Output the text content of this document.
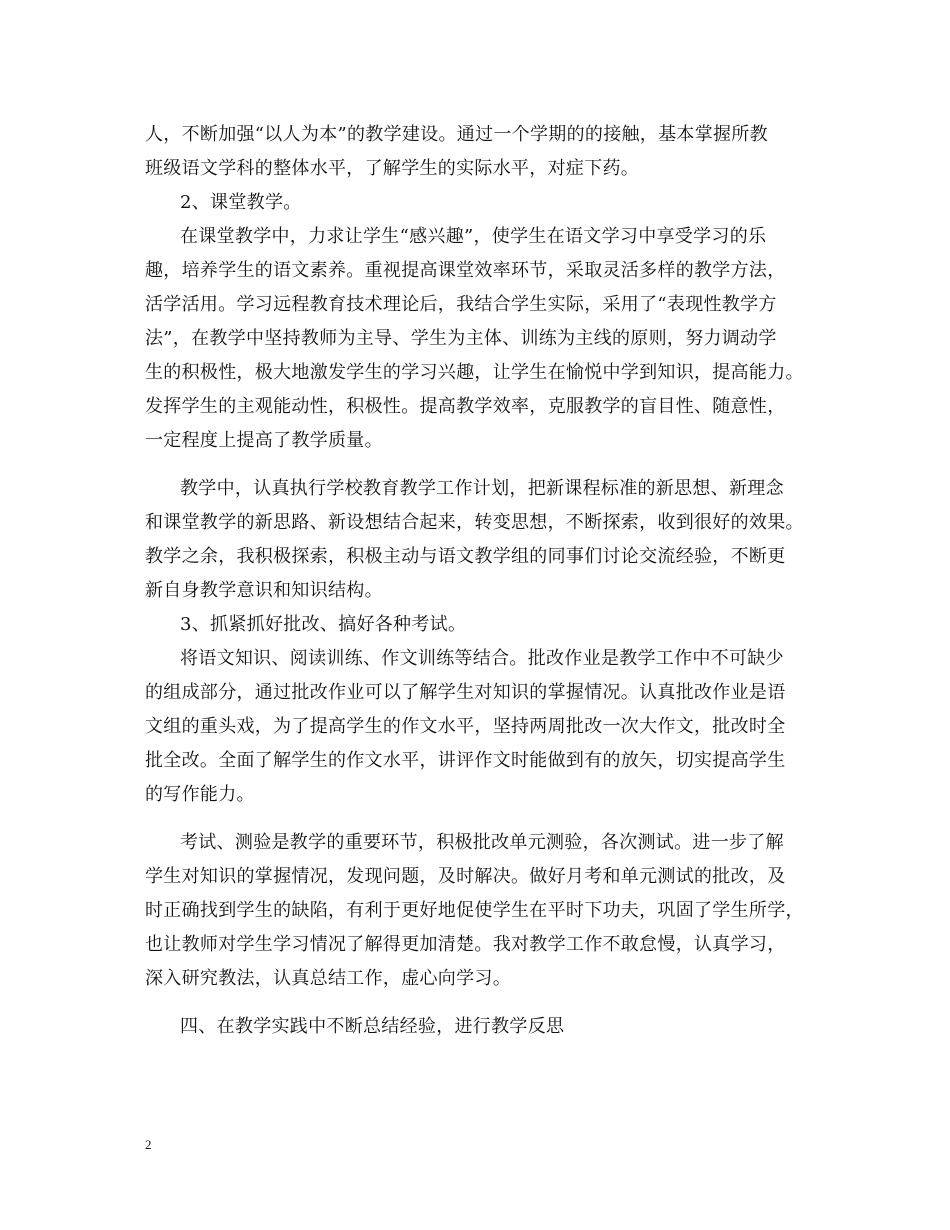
人，不断加强“以人为本”的教学建设。通过一个学期的的接触，基本掌握所教
班级语文学科的整体水平，了解学生的实际水平，对症下药。
2、课堂教学。
在课堂教学中，力求让学生“感兴趣”，使学生在语文学习中享受学习的乐
趣，培养学生的语文素养。重视提高课堂效率环节，采取灵活多样的教学方法，
活学活用。学习远程教育技术理论后，我结合学生实际，采用了“表现性教学方
法”，在教学中坚持教师为主导、学生为主体、训练为主线的原则，努力调动学
生的积极性，极大地激发学生的学习兴趣，让学生在愉悦中学到知识，提高能力。
发挥学生的主观能动性，积极性。提高教学效率，克服教学的盲目性、随意性，
一定程度上提高了教学质量。
教学中，认真执行学校教育教学工作计划，把新课程标准的新思想、新理念
和课堂教学的新思路、新设想结合起来，转变思想，不断探索，收到很好的效果。
教学之余，我积极探索，积极主动与语文教学组的同事们讨论交流经验，不断更
新自身教学意识和知识结构。
3、抓紧抓好批改、搞好各种考试。
将语文知识、阅读训练、作文训练等结合。批改作业是教学工作中不可缺少
的组成部分，通过批改作业可以了解学生对知识的掌握情况。认真批改作业是语
文组的重头戏，为了提高学生的作文水平，坚持两周批改一次大作文，批改时全
批全改。全面了解学生的作文水平，讲评作文时能做到有的放矢，切实提高学生
的写作能力。
考试、测验是教学的重要环节，积极批改单元测验，各次测试。进一步了解
学生对知识的掌握情况，发现问题，及时解决。做好月考和单元测试的批改，及
时正确找到学生的缺陷，有利于更好地促使学生在平时下功夫，巩固了学生所学，
也让教师对学生学习情况了解得更加清楚。我对教学工作不敢怠慢，认真学习，
深入研究教法，认真总结工作，虚心向学习。
四、在教学实践中不断总结经验，进行教学反思
2
